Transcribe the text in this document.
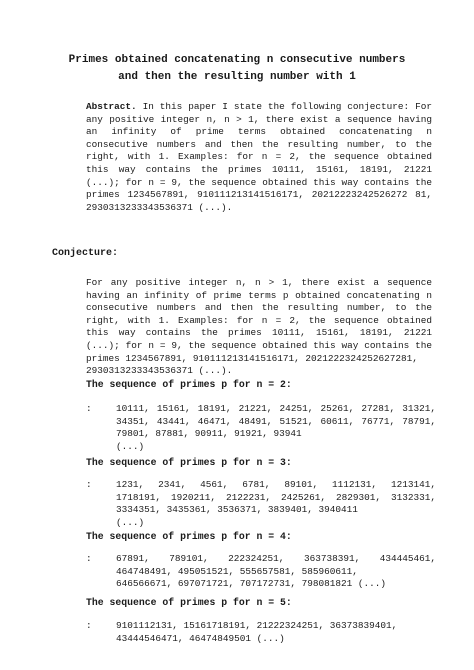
Primes obtained concatenating n consecutive numbers
and then the resulting number with 1
Abstract. In this paper I state the following conjecture: For any positive integer n, n > 1, there exist a sequence having an infinity of prime terms obtained concatenating n consecutive numbers and then the resulting number, to the right, with 1. Examples: for n = 2, the sequence obtained this way contains the primes 10111, 15161, 18191, 21221 (...); for n = 9, the sequence obtained this way contains the primes 1234567891, 910111213141516171, 20212223242526272 81, 2930313233343536371 (...).
Conjecture:
For any positive integer n, n > 1, there exist a sequence having an infinity of prime terms p obtained concatenating n consecutive numbers and then the resulting number, to the right, with 1. Examples: for n = 2, the sequence obtained this way contains the primes 10111, 15161, 18191, 21221 (...); for n = 9, the sequence obtained this way contains the primes 1234567891, 910111213141516171, 2021222324252627281,
2930313233343536371 (...).
The sequence of primes p for n = 2:
:	10111, 15161, 18191, 21221, 24251, 25261, 27281, 31321, 34351, 43441, 46471, 48491, 51521, 60611, 76771, 78791, 79801, 87881, 90911, 91921, 93941
(...)
The sequence of primes p for n = 3:
:	1231, 2341, 4561, 6781, 89101, 1112131, 1213141, 1718191, 1920211, 2122231, 2425261, 2829301, 3132331, 3334351, 3435361, 3536371, 3839401, 3940411
(...)
The sequence of primes p for n = 4:
:	67891, 789101, 222324251, 363738391, 434445461, 464748491, 495051521, 555657581, 585960611,
646566671, 697071721, 707172731, 798081821 (...)
The sequence of primes p for n = 5:
:	9101112131, 15161718191, 21222324251, 36373839401,
43444546471, 46474849501 (...)
